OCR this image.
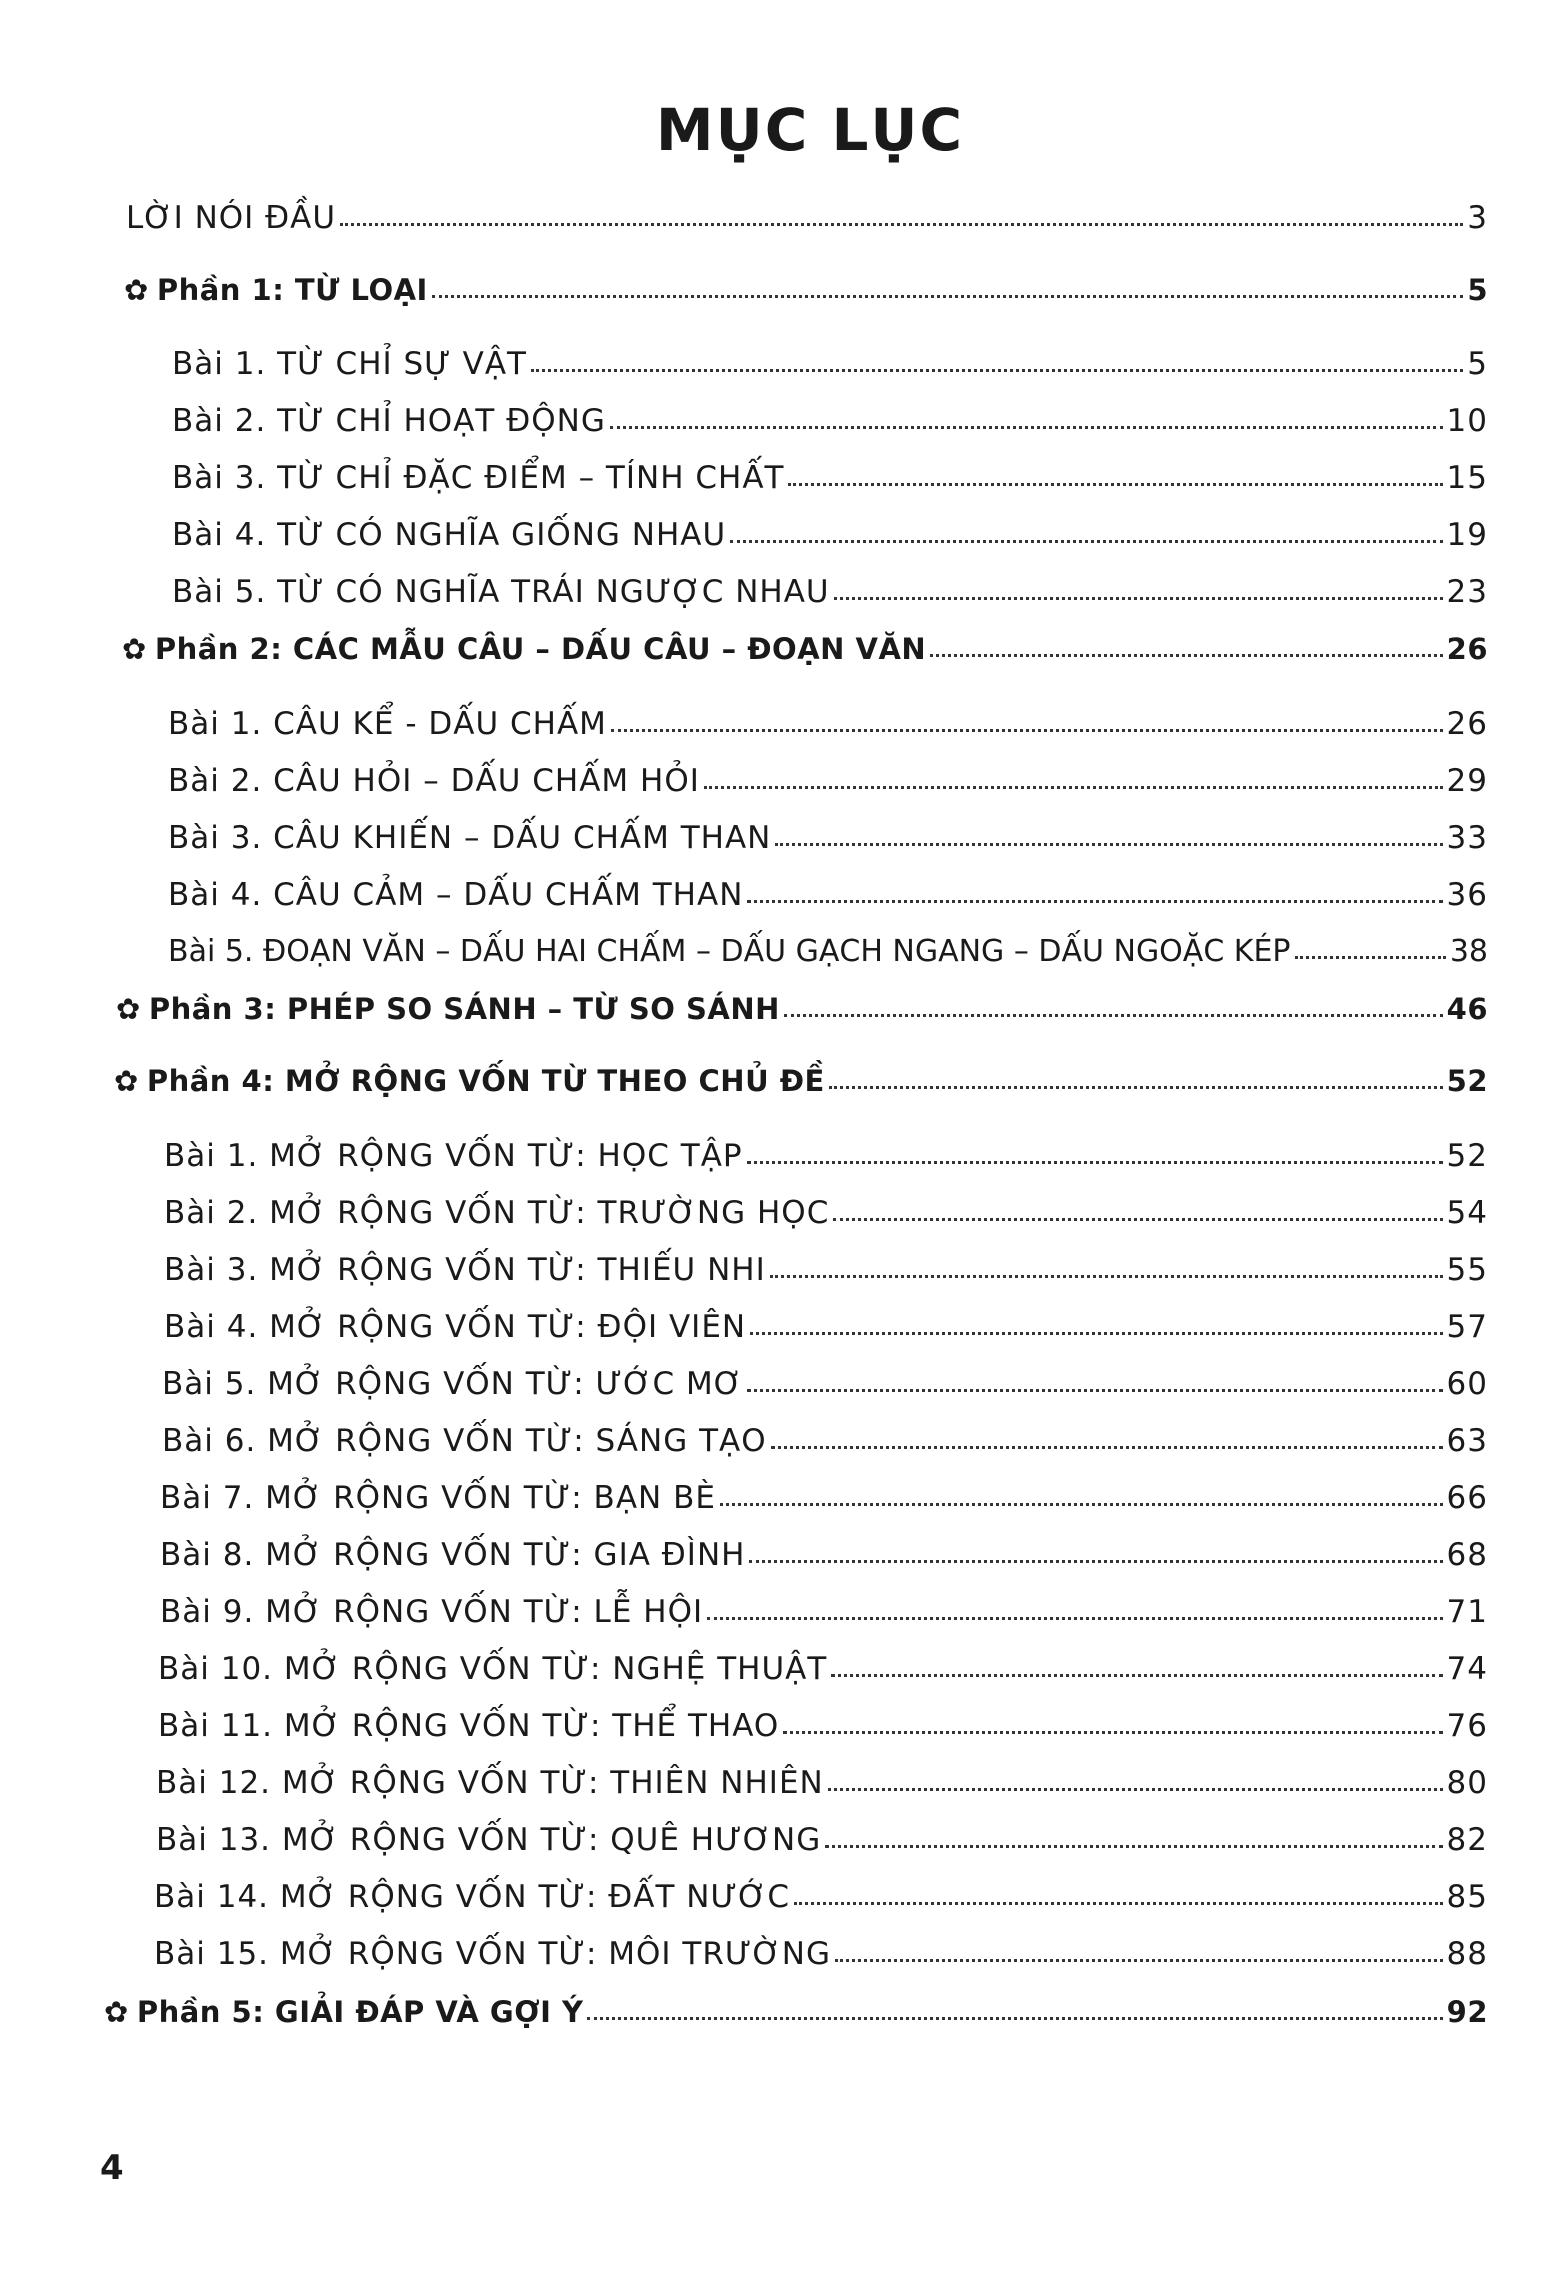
MỤC LỤC
LỜI NÓI ĐẦU	3
✿ Phần 1: TỪ LOẠI	5
Bài 1. TỪ CHỈ SỰ VẬT	5
Bài 2. TỪ CHỈ HOẠT ĐỘNG	10
Bài 3. TỪ CHỈ ĐẶC ĐIỂM – TÍNH CHẤT	15
Bài 4. TỪ CÓ NGHĨA GIỐNG NHAU	19
Bài 5. TỪ CÓ NGHĨA TRÁI NGƯỢC NHAU	23
✿ Phần 2: CÁC MẪU CÂU – DẤU CÂU – ĐOẠN VĂN	26
Bài 1. CÂU KỂ - DẤU CHẤM	26
Bài 2. CÂU HỎI – DẤU CHẤM HỎI	29
Bài 3. CÂU KHIẾN – DẤU CHẤM THAN	33
Bài 4. CÂU CẢM – DẤU CHẤM THAN	36
Bài 5. ĐOẠN VĂN – DẤU HAI CHẤM – DẤU GẠCH NGANG – DẤU NGOẶC KÉP	38
✿ Phần 3: PHÉP SO SÁNH – TỪ SO SÁNH	46
✿ Phần 4: MỞ RỘNG VỐN TỪ THEO CHỦ ĐỀ	52
Bài 1. MỞ RỘNG VỐN TỪ: HỌC TẬP	52
Bài 2. MỞ RỘNG VỐN TỪ: TRƯỜNG HỌC	54
Bài 3. MỞ RỘNG VỐN TỪ: THIẾU NHI	55
Bài 4. MỞ RỘNG VỐN TỪ: ĐỘI VIÊN	57
Bài 5. MỞ RỘNG VỐN TỪ: ƯỚC MƠ	60
Bài 6. MỞ RỘNG VỐN TỪ: SÁNG TẠO	63
Bài 7. MỞ RỘNG VỐN TỪ: BẠN BÈ	66
Bài 8. MỞ RỘNG VỐN TỪ: GIA ĐÌNH	68
Bài 9. MỞ RỘNG VỐN TỪ: LỄ HỘI	71
Bài 10. MỞ RỘNG VỐN TỪ: NGHỆ THUẬT	74
Bài 11. MỞ RỘNG VỐN TỪ: THỂ THAO	76
Bài 12. MỞ RỘNG VỐN TỪ: THIÊN NHIÊN	80
Bài 13. MỞ RỘNG VỐN TỪ: QUÊ HƯƠNG	82
Bài 14. MỞ RỘNG VỐN TỪ: ĐẤT NƯỚC	85
Bài 15. MỞ RỘNG VỐN TỪ: MÔI TRƯỜNG	88
✿ Phần 5: GIẢI ĐÁP VÀ GỢI Ý	92

4
